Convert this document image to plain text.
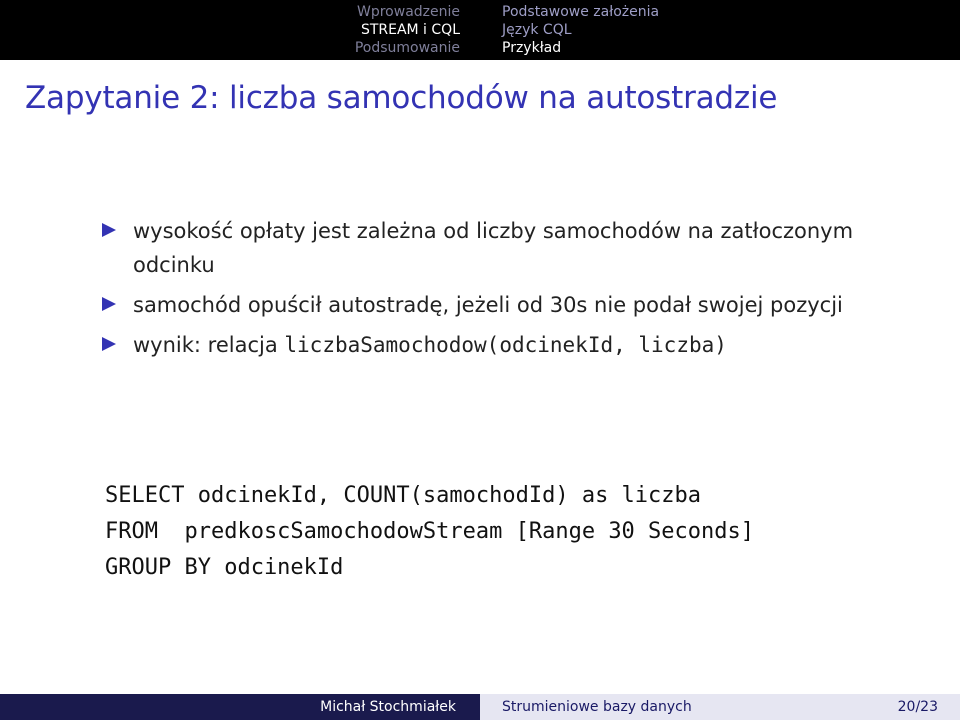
Wprowadzenie
STREAM i CQL
Podsumowanie
Podstawowe założenia
Język CQL
Przykład
Zapytanie 2: liczba samochodów na autostradzie
wysokość opłaty jest zależna od liczby samochodów na zatłoczonym odcinku
samochód opuścił autostradę, jeżeli od 30s nie podał swojej pozycji
wynik: relacja liczbaSamochodow(odcinekId, liczba)
SELECT odcinekId, COUNT(samochodId) as liczba
FROM  predkoscSamochodowStream [Range 30 Seconds]
GROUP BY odcinekId
Michał Stochmiałek	Strumieniowe bazy danych	20/23
